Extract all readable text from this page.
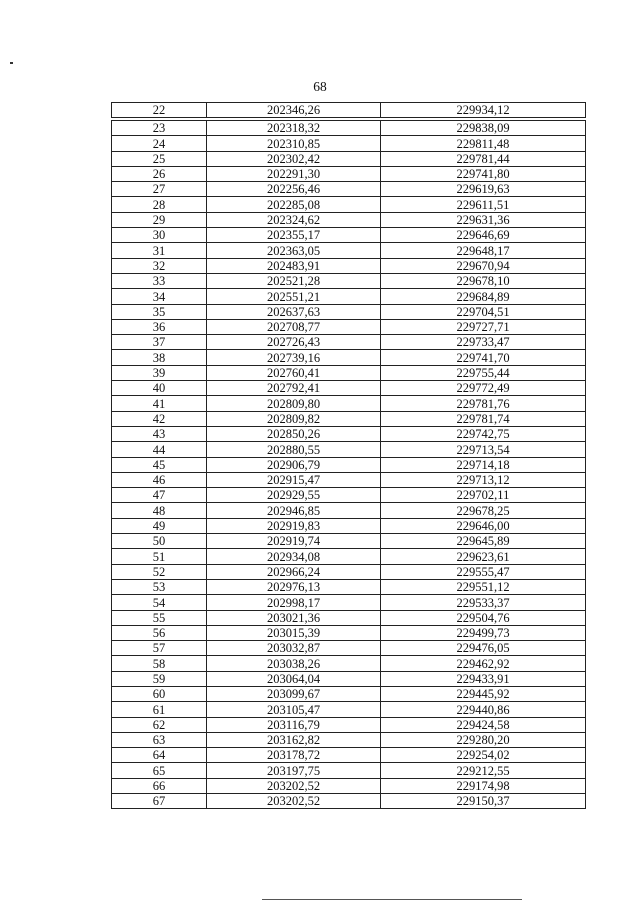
68
22	202346,26	229934,12

23	202318,32	229838,09
24	202310,85	229811,48
25	202302,42	229781,44
26	202291,30	229741,80
27	202256,46	229619,63
28	202285,08	229611,51
29	202324,62	229631,36
30	202355,17	229646,69
31	202363,05	229648,17
32	202483,91	229670,94
33	202521,28	229678,10
34	202551,21	229684,89
35	202637,63	229704,51
36	202708,77	229727,71
37	202726,43	229733,47
38	202739,16	229741,70
39	202760,41	229755,44
40	202792,41	229772,49
41	202809,80	229781,76
42	202809,82	229781,74
43	202850,26	229742,75
44	202880,55	229713,54
45	202906,79	229714,18
46	202915,47	229713,12
47	202929,55	229702,11
48	202946,85	229678,25
49	202919,83	229646,00
50	202919,74	229645,89
51	202934,08	229623,61
52	202966,24	229555,47
53	202976,13	229551,12
54	202998,17	229533,37
55	203021,36	229504,76
56	203015,39	229499,73
57	203032,87	229476,05
58	203038,26	229462,92
59	203064,04	229433,91
60	203099,67	229445,92
61	203105,47	229440,86
62	203116,79	229424,58
63	203162,82	229280,20
64	203178,72	229254,02
65	203197,75	229212,55
66	203202,52	229174,98
67	203202,52	229150,37
